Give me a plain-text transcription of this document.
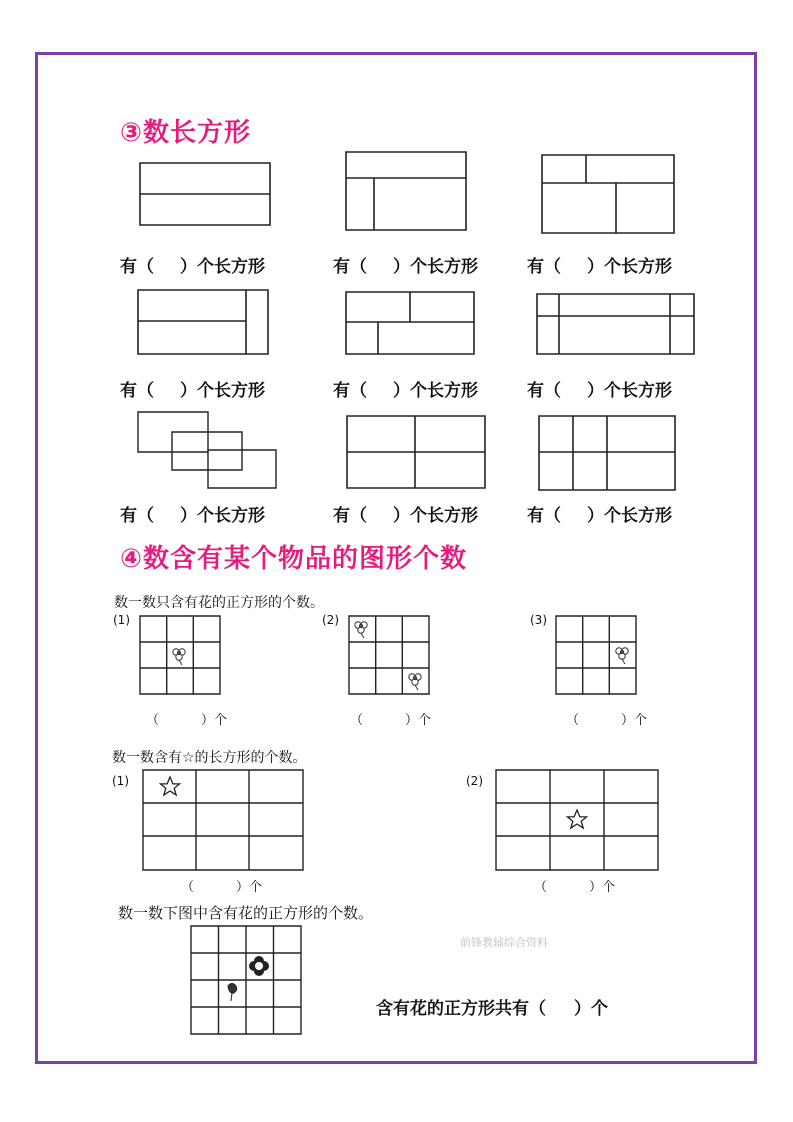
③数长方形
有（ ）个长方形	有（ ）个长方形	有（ ）个长方形
有（ ）个长方形	有（ ）个长方形	有（ ）个长方形
有（ ）个长方形	有（ ）个长方形	有（ ）个长方形
④数含有某个物品的图形个数
数一数只含有花的正方形的个数。
(1)	(2)	(3)
（	）个	（	）个	（	）个
数一数含有☆的长方形的个数。
(1)
（	）个
(2)
（	）个
数一数下图中含有花的正方形的个数。
前锋教辅综合资料
含有花的正方形共有（ ）个
